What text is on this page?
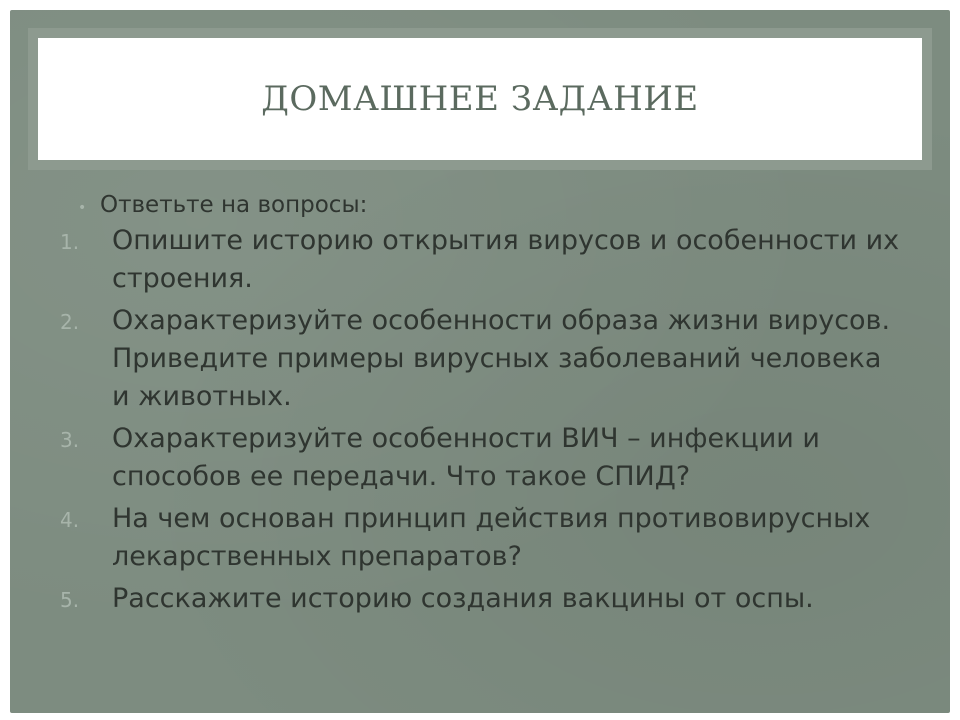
ДОМАШНЕЕ ЗАДАНИЕ
• Ответьте на вопросы:
1.	Опишите историю открытия вирусов и особенности их строения.
2.	Охарактеризуйте особенности образа жизни вирусов. Приведите примеры вирусных заболеваний человека и животных.
3.	Охарактеризуйте особенности ВИЧ – инфекции и способов ее передачи. Что такое СПИД?
4.	На чем основан принцип действия противовирусных лекарственных препаратов?
5.	Расскажите историю создания вакцины от оспы.
